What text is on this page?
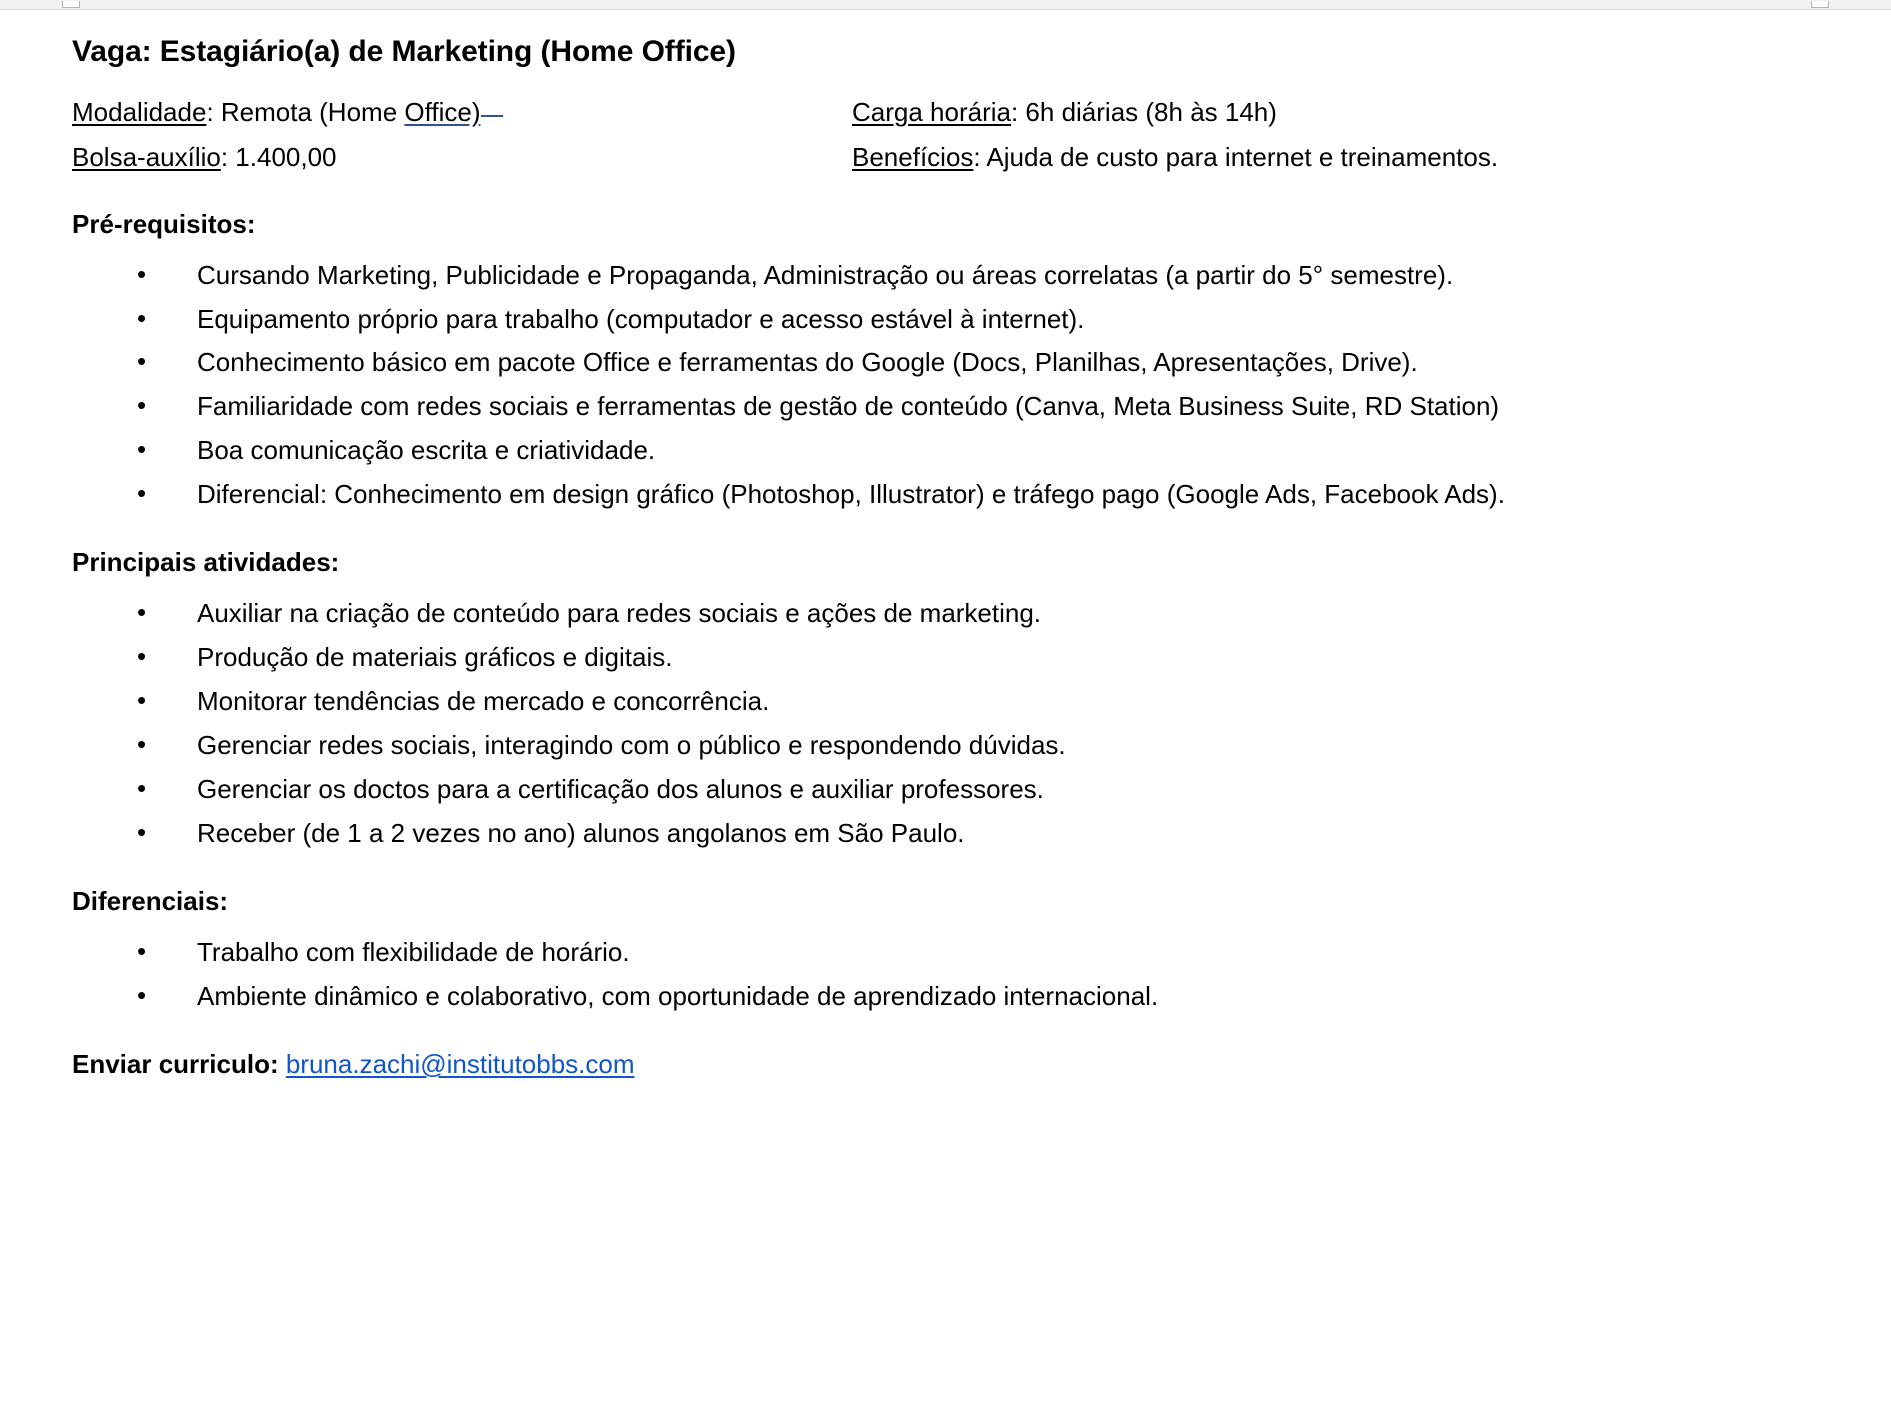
Vaga: Estagiário(a) de Marketing (Home Office)
Modalidade: Remota (Home Office)	Carga horária: 6h diárias (8h às 14h)
Bolsa-auxílio: 1.400,00	Benefícios: Ajuda de custo para internet e treinamentos.
Pré-requisitos:
• Cursando Marketing, Publicidade e Propaganda, Administração ou áreas correlatas (a partir do 5° semestre).
• Equipamento próprio para trabalho (computador e acesso estável à internet).
• Conhecimento básico em pacote Office e ferramentas do Google (Docs, Planilhas, Apresentações, Drive).
• Familiaridade com redes sociais e ferramentas de gestão de conteúdo (Canva, Meta Business Suite, RD Station)
• Boa comunicação escrita e criatividade.
• Diferencial: Conhecimento em design gráfico (Photoshop, Illustrator) e tráfego pago (Google Ads, Facebook Ads).
Principais atividades:
• Auxiliar na criação de conteúdo para redes sociais e ações de marketing.
• Produção de materiais gráficos e digitais.
• Monitorar tendências de mercado e concorrência.
• Gerenciar redes sociais, interagindo com o público e respondendo dúvidas.
• Gerenciar os doctos para a certificação dos alunos e auxiliar professores.
• Receber (de 1 a 2 vezes no ano) alunos angolanos em São Paulo.
Diferenciais:
• Trabalho com flexibilidade de horário.
• Ambiente dinâmico e colaborativo, com oportunidade de aprendizado internacional.
Enviar curriculo: bruna.zachi@institutobbs.com
